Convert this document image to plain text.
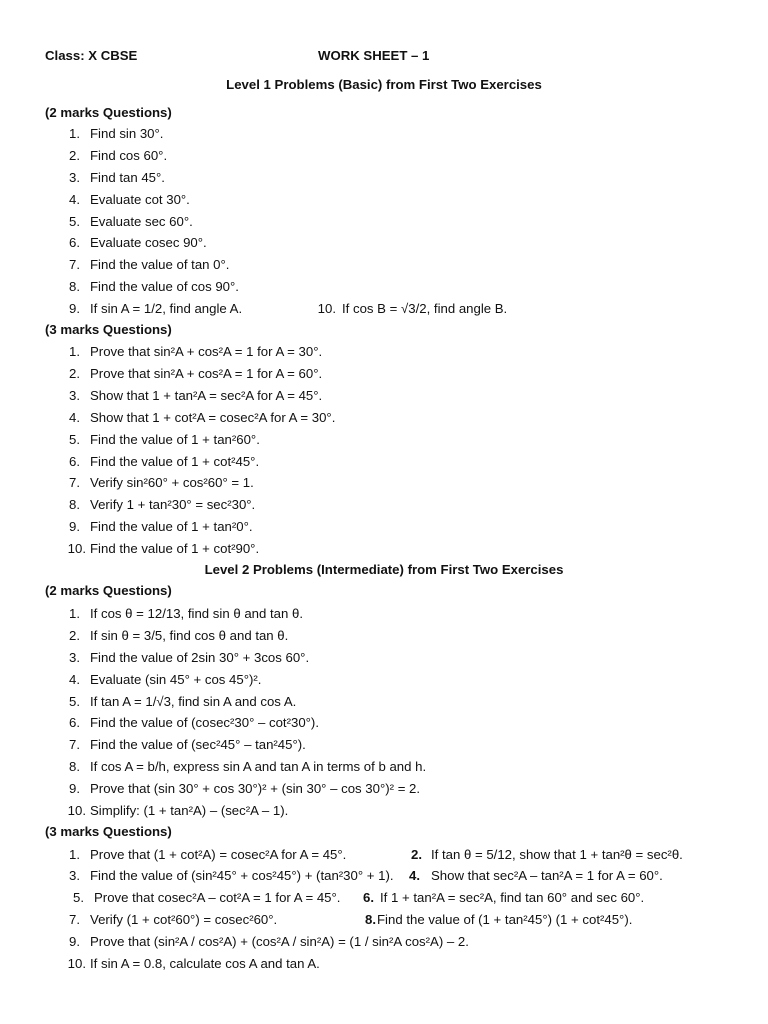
Class: X CBSE	WORK SHEET – 1
Level 1 Problems (Basic) from First Two Exercises
(2 marks Questions)
1. Find sin 30°.
2. Find cos 60°.
3. Find tan 45°.
4. Evaluate cot 30°.
5. Evaluate sec 60°.
6. Evaluate cosec 90°.
7. Find the value of tan 0°.
8. Find the value of cos 90°.
9. If sin A = 1/2, find angle A.	10. If cos B = √3/2, find angle B.
(3 marks Questions)
1. Prove that sin²A + cos²A = 1 for A = 30°.
2. Prove that sin²A + cos²A = 1 for A = 60°.
3. Show that 1 + tan²A = sec²A for A = 45°.
4. Show that 1 + cot²A = cosec²A for A = 30°.
5. Find the value of 1 + tan²60°.
6. Find the value of 1 + cot²45°.
7. Verify sin²60° + cos²60° = 1.
8. Verify 1 + tan²30° = sec²30°.
9. Find the value of 1 + tan²0°.
10. Find the value of 1 + cot²90°.
Level 2 Problems (Intermediate) from First Two Exercises
(2 marks Questions)
1. If cos θ = 12/13, find sin θ and tan θ.
2. If sin θ = 3/5, find cos θ and tan θ.
3. Find the value of 2sin 30° + 3cos 60°.
4. Evaluate (sin 45° + cos 45°)².
5. If tan A = 1/√3, find sin A and cos A.
6. Find the value of (cosec²30° – cot²30°).
7. Find the value of (sec²45° – tan²45°).
8. If cos A = b/h, express sin A and tan A in terms of b and h.
9. Prove that (sin 30° + cos 30°)² + (sin 30° – cos 30°)² = 2.
10. Simplify: (1 + tan²A) – (sec²A – 1).
(3 marks Questions)
1. Prove that (1 + cot²A) = cosec²A for A = 45°.	2. If tan θ = 5/12, show that 1 + tan²θ = sec²θ.
3. Find the value of (sin²45° + cos²45°) + (tan²30° + 1).	4. Show that sec²A – tan²A = 1 for A = 60°.
5. Prove that cosec²A – cot²A = 1 for A = 45°.	6. If 1 + tan²A = sec²A, find tan 60° and sec 60°.
7. Verify (1 + cot²60°) = cosec²60°.	8. Find the value of (1 + tan²45°) (1 + cot²45°).
9. Prove that (sin²A / cos²A) + (cos²A / sin²A) = (1 / sin²A cos²A) – 2.
10. If sin A = 0.8, calculate cos A and tan A.
